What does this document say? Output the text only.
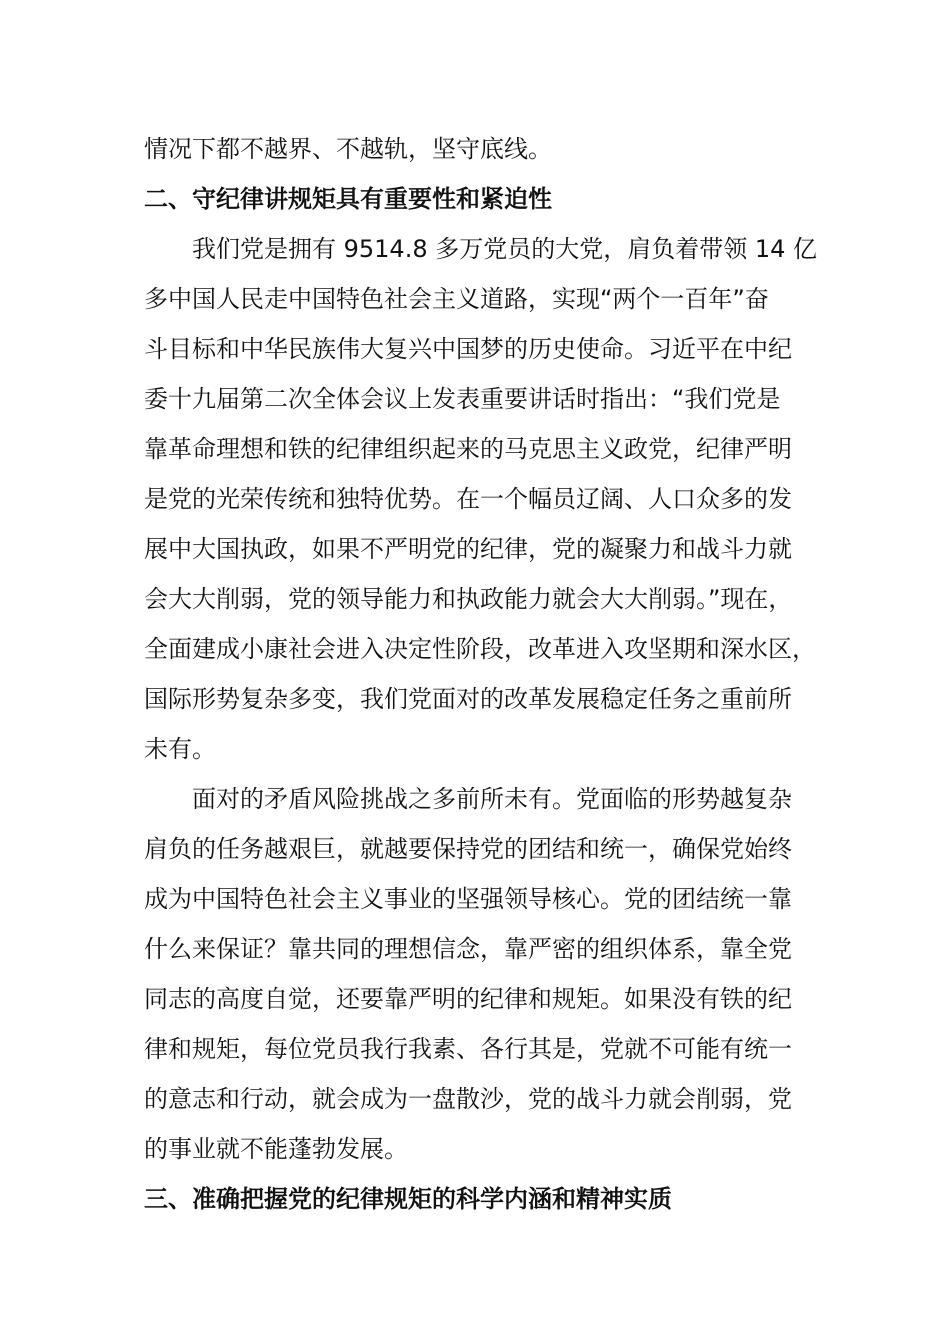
情况下都不越界、不越轨，坚守底线。
二、守纪律讲规矩具有重要性和紧迫性
我们党是拥有 9514.8 多万党员的大党，肩负着带领 14 亿
多中国人民走中国特色社会主义道路，实现“两个一百年”奋
斗目标和中华民族伟大复兴中国梦的历史使命。习近平在中纪
委十九届第二次全体会议上发表重要讲话时指出：“我们党是
靠革命理想和铁的纪律组织起来的马克思主义政党，纪律严明
是党的光荣传统和独特优势。在一个幅员辽阔、人口众多的发
展中大国执政，如果不严明党的纪律，党的凝聚力和战斗力就
会大大削弱，党的领导能力和执政能力就会大大削弱。”现在，
全面建成小康社会进入决定性阶段，改革进入攻坚期和深水区，
国际形势复杂多变，我们党面对的改革发展稳定任务之重前所
未有。
面对的矛盾风险挑战之多前所未有。党面临的形势越复杂
肩负的任务越艰巨，就越要保持党的团结和统一，确保党始终
成为中国特色社会主义事业的坚强领导核心。党的团结统一靠
什么来保证？靠共同的理想信念，靠严密的组织体系，靠全党
同志的高度自觉，还要靠严明的纪律和规矩。如果没有铁的纪
律和规矩，每位党员我行我素、各行其是，党就不可能有统一
的意志和行动，就会成为一盘散沙，党的战斗力就会削弱，党
的事业就不能蓬勃发展。
三、准确把握党的纪律规矩的科学内涵和精神实质
